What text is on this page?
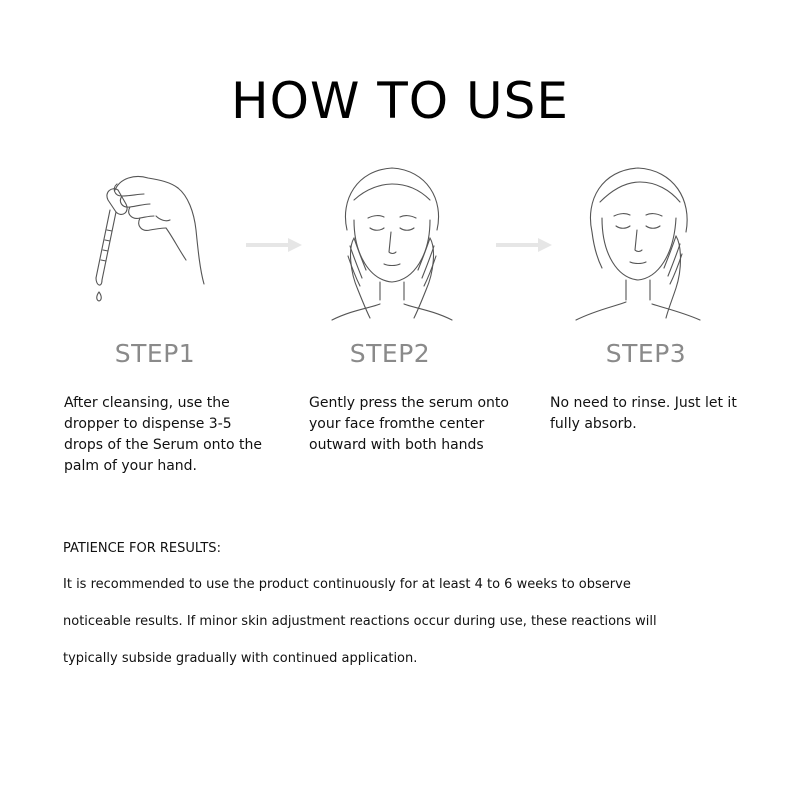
HOW TO USE
STEP1	STEP2	STEP3

After cleansing, use the dropper to dispense 3-5 drops of the Serum onto the palm of your hand.

Gently press the serum onto your face fromthe center outward with both hands

No need to rinse. Just let it fully absorb.

PATIENCE FOR RESULTS:

It is recommended to use the product continuously for at least 4 to 6 weeks to observe

noticeable results. If minor skin adjustment reactions occur during use, these reactions will

typically subside gradually with continued application.
